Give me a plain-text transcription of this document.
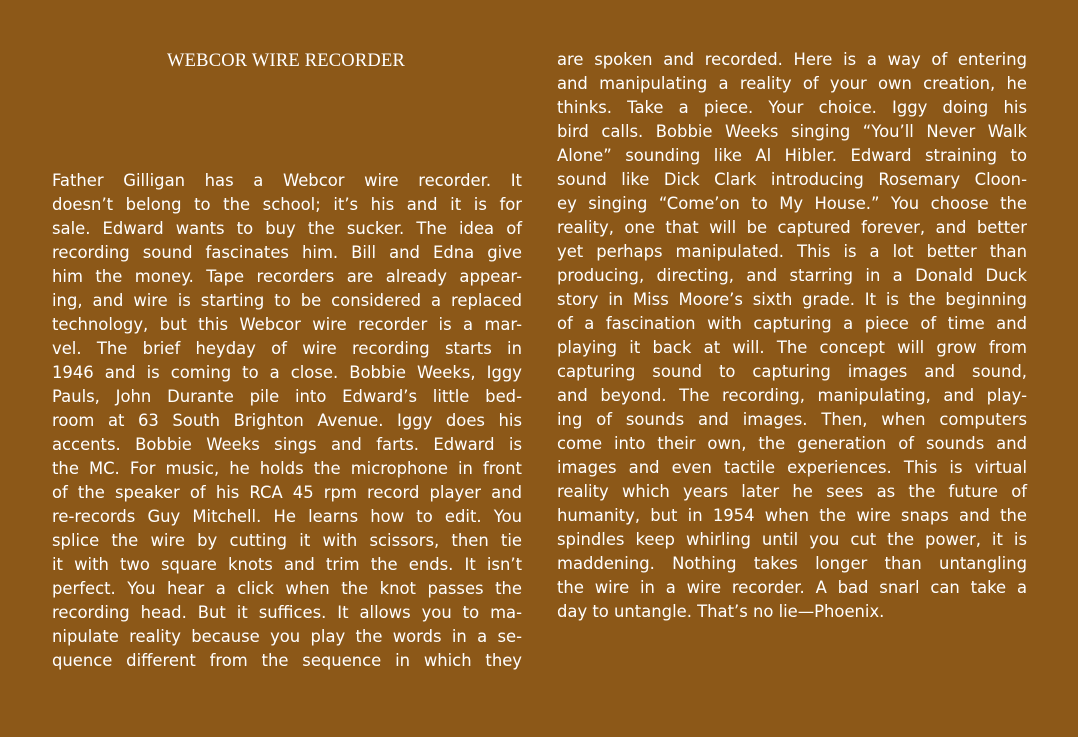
WEBCOR WIRE RECORDER
Father Gilligan has a Webcor wire recorder. It
doesn’t belong to the school; it’s his and it is for
sale. Edward wants to buy the sucker. The idea of
recording sound fascinates him. Bill and Edna give
him the money. Tape recorders are already appear-
ing, and wire is starting to be considered a replaced
technology, but this Webcor wire recorder is a mar-
vel. The brief heyday of wire recording starts in
1946 and is coming to a close. Bobbie Weeks, Iggy
Pauls, John Durante pile into Edward’s little bed-
room at 63 South Brighton Avenue. Iggy does his
accents. Bobbie Weeks sings and farts. Edward is
the MC. For music, he holds the microphone in front
of the speaker of his RCA 45 rpm record player and
re-records Guy Mitchell. He learns how to edit. You
splice the wire by cutting it with scissors, then tie
it with two square knots and trim the ends. It isn’t
perfect. You hear a click when the knot passes the
recording head. But it suffices. It allows you to ma-
nipulate reality because you play the words in a se-
quence different from the sequence in which they
are spoken and recorded. Here is a way of entering
and manipulating a reality of your own creation, he
thinks. Take a piece. Your choice. Iggy doing his
bird calls. Bobbie Weeks singing “You’ll Never Walk
Alone” sounding like Al Hibler. Edward straining to
sound like Dick Clark introducing Rosemary Cloon-
ey singing “Come’on to My House.” You choose the
reality, one that will be captured forever, and better
yet perhaps manipulated. This is a lot better than
producing, directing, and starring in a Donald Duck
story in Miss Moore’s sixth grade. It is the beginning
of a fascination with capturing a piece of time and
playing it back at will. The concept will grow from
capturing sound to capturing images and sound,
and beyond. The recording, manipulating, and play-
ing of sounds and images. Then, when computers
come into their own, the generation of sounds and
images and even tactile experiences. This is virtual
reality which years later he sees as the future of
humanity, but in 1954 when the wire snaps and the
spindles keep whirling until you cut the power, it is
maddening. Nothing takes longer than untangling
the wire in a wire recorder. A bad snarl can take a
day to untangle. That’s no lie—Phoenix.
